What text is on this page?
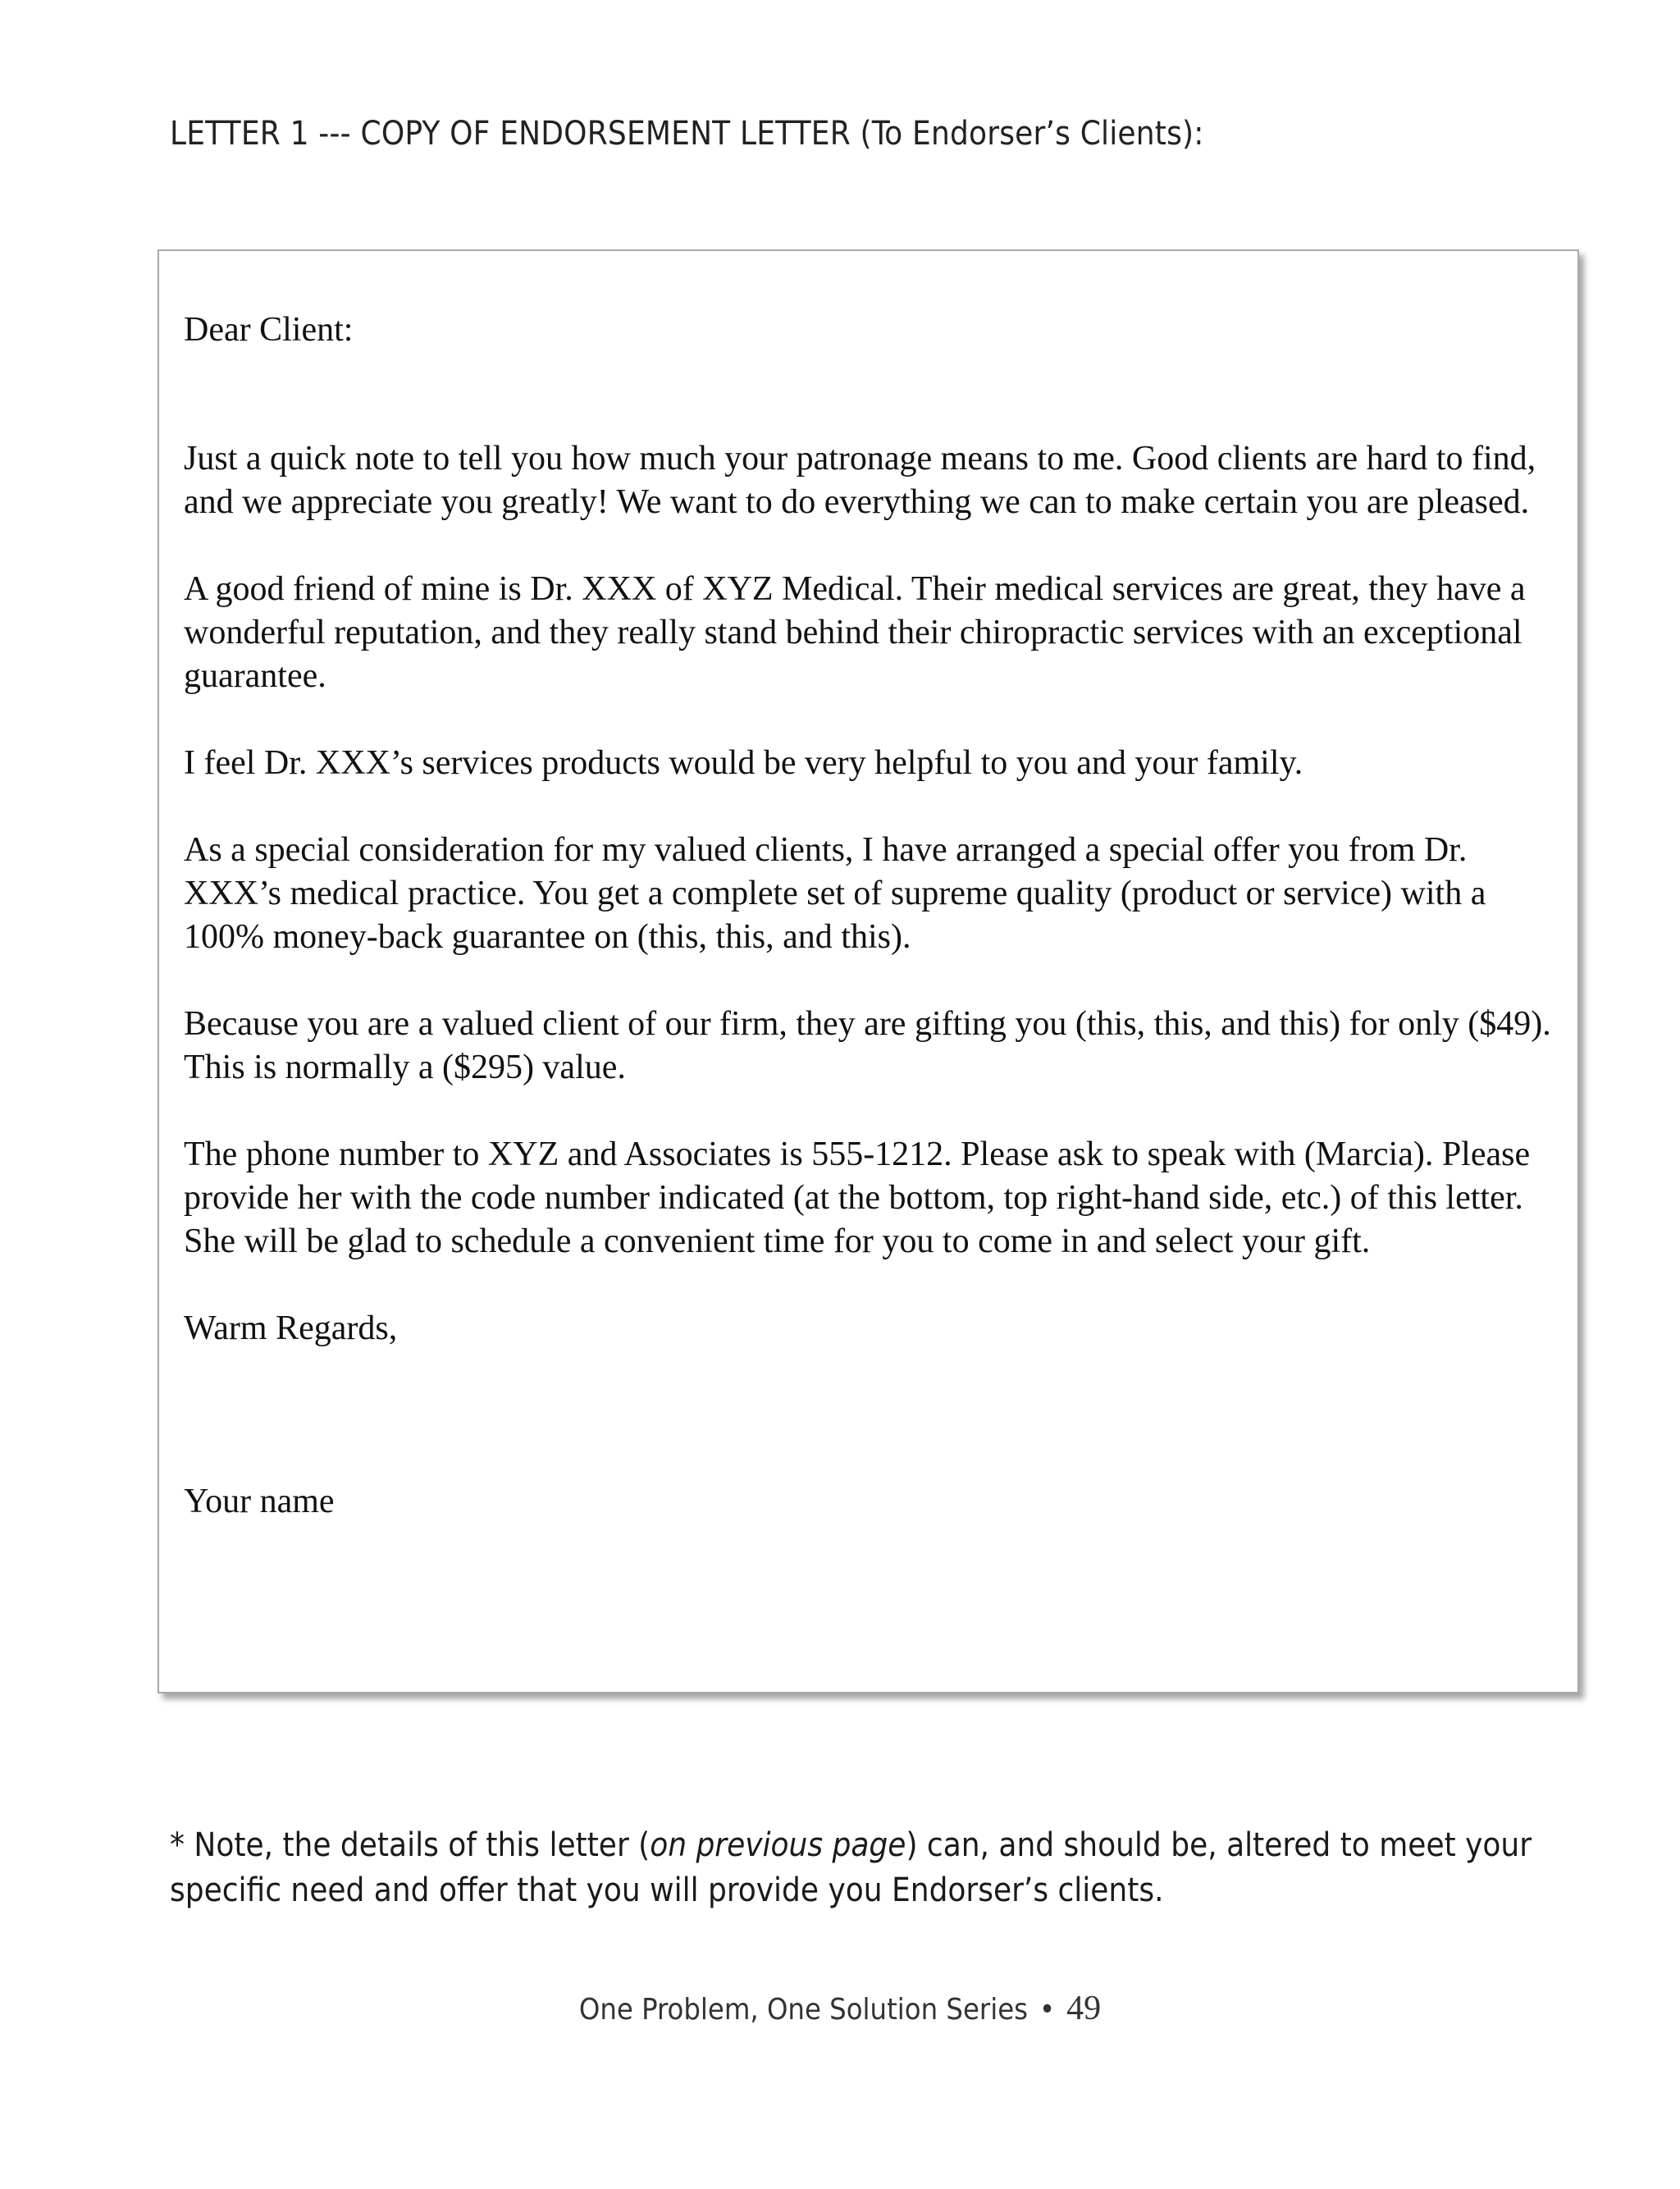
LETTER 1 --- COPY OF ENDORSEMENT LETTER (To Endorser’s Clients):

Dear Client:

Just a quick note to tell you how much your patronage means to me. Good clients are hard to find, and we appreciate you greatly! We want to do everything we can to make certain you are pleased.

A good friend of mine is Dr. XXX of XYZ Medical. Their medical services are great, they have a wonderful reputation, and they really stand behind their chiropractic services with an exceptional guarantee.

I feel Dr. XXX’s services products would be very helpful to you and your family.

As a special consideration for my valued clients, I have arranged a special offer you from Dr. XXX’s medical practice. You get a complete set of supreme quality (product or service) with a 100% money-back guarantee on (this, this, and this).

Because you are a valued client of our firm, they are gifting you (this, this, and this) for only ($49). This is normally a ($295) value.

The phone number to XYZ and Associates is 555-1212. Please ask to speak with (Marcia). Please provide her with the code number indicated (at the bottom, top right-hand side, etc.) of this letter. She will be glad to schedule a convenient time for you to come in and select your gift.

Warm Regards,

Your name

* Note, the details of this letter (on previous page) can, and should be, altered to meet your specific need and offer that you will provide you Endorser’s clients.
One Problem, One Solution Series • 49
